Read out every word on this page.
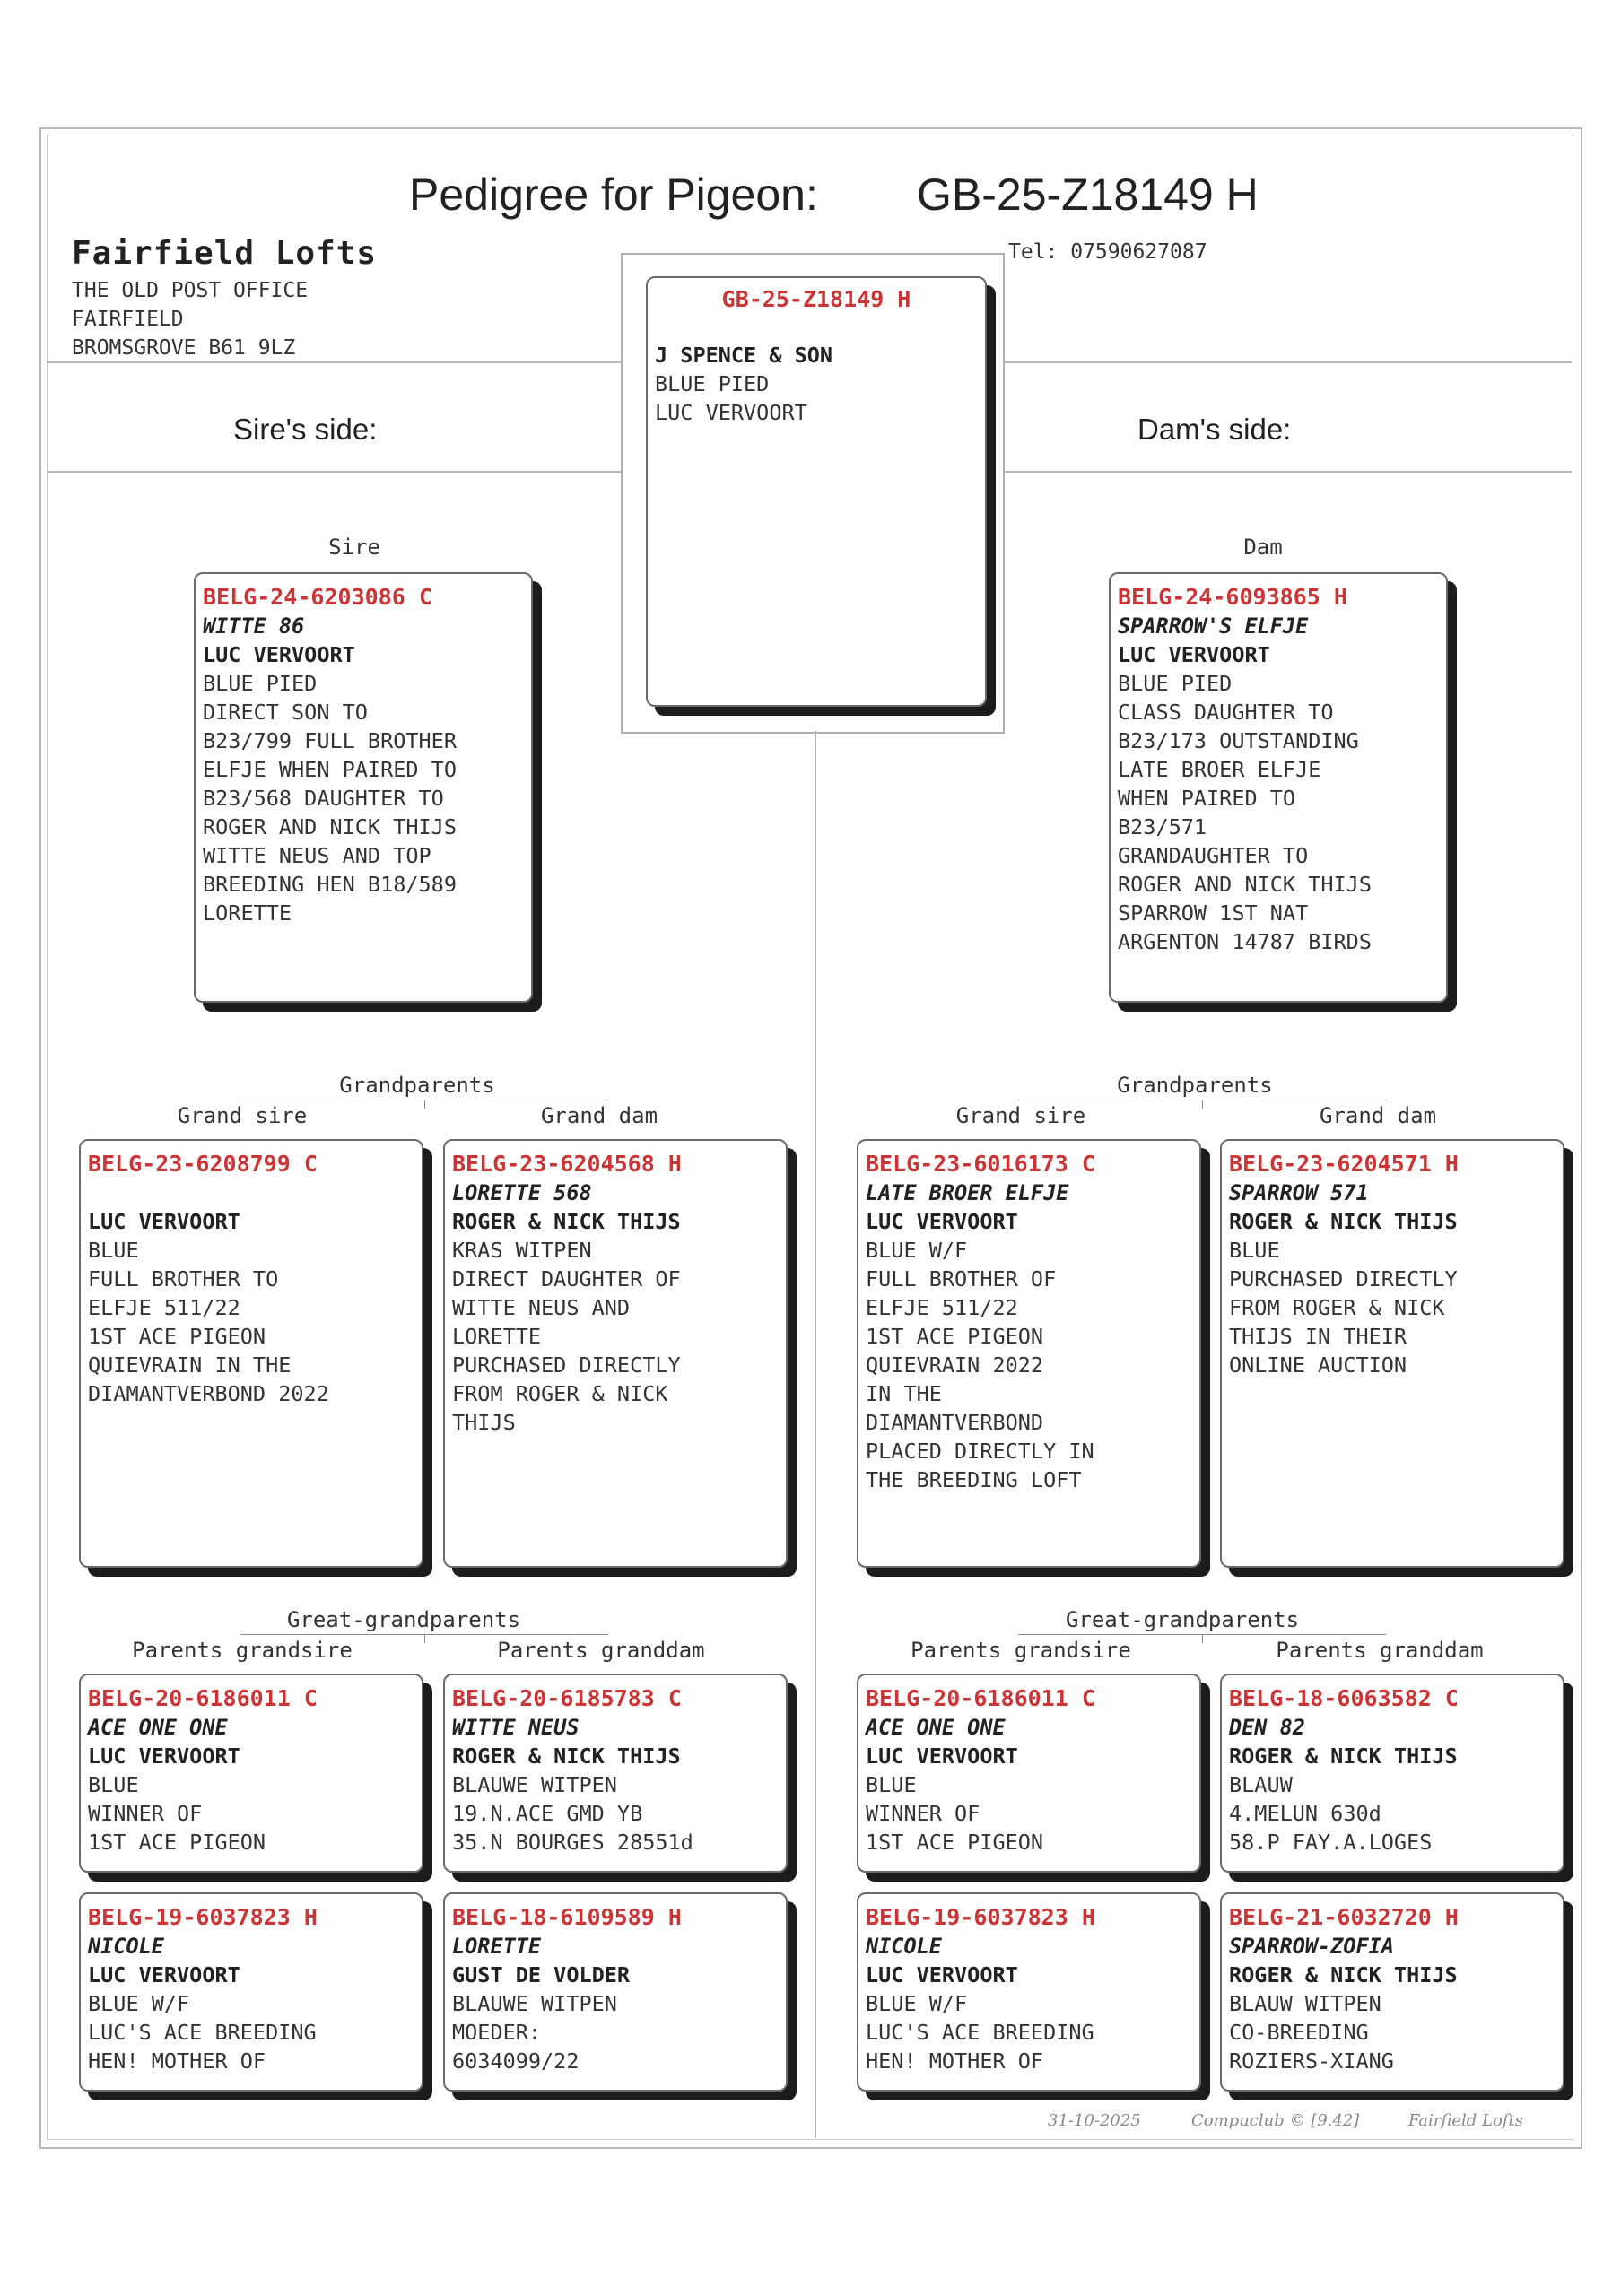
Pedigree for Pigeon: GB-25-Z18149 H
Fairfield Lofts
THE OLD POST OFFICE
FAIRFIELD
BROMSGROVE B61 9LZ
Tel: 07590627087
Sire's side:	Dam's side:
GB-25-Z18149 H
J SPENCE & SON
BLUE PIED
LUC VERVOORT
Sire
BELG-24-6203086 C
WITTE 86
LUC VERVOORT
BLUE PIED
DIRECT SON TO
B23/799 FULL BROTHER
ELFJE WHEN PAIRED TO
B23/568 DAUGHTER TO
ROGER AND NICK THIJS
WITTE NEUS AND TOP
BREEDING HEN B18/589
LORETTE
Dam
BELG-24-6093865 H
SPARROW'S ELFJE
LUC VERVOORT
BLUE PIED
CLASS DAUGHTER TO
B23/173 OUTSTANDING
LATE BROER ELFJE
WHEN PAIRED TO
B23/571
GRANDAUGHTER TO
ROGER AND NICK THIJS
SPARROW 1ST NAT
ARGENTON 14787 BIRDS
Grandparents
Grand sire	Grand dam
Grandparents
Grand sire	Grand dam
BELG-23-6208799 C
LUC VERVOORT
BLUE
FULL BROTHER TO
ELFJE 511/22
1ST ACE PIGEON
QUIEVRAIN IN THE
DIAMANTVERBOND 2022
BELG-23-6204568 H
LORETTE 568
ROGER & NICK THIJS
KRAS WITPEN
DIRECT DAUGHTER OF
WITTE NEUS AND
LORETTE
PURCHASED DIRECTLY
FROM ROGER & NICK
THIJS
BELG-23-6016173 C
LATE BROER ELFJE
LUC VERVOORT
BLUE W/F
FULL BROTHER OF
ELFJE 511/22
1ST ACE PIGEON
QUIEVRAIN 2022
IN THE
DIAMANTVERBOND
PLACED DIRECTLY IN
THE BREEDING LOFT
BELG-23-6204571 H
SPARROW 571
ROGER & NICK THIJS
BLUE
PURCHASED DIRECTLY
FROM ROGER & NICK
THIJS IN THEIR
ONLINE AUCTION
Great-grandparents
Parents grandsire	Parents granddam
Great-grandparents
Parents grandsire	Parents granddam
BELG-20-6186011 C
ACE ONE ONE
LUC VERVOORT
BLUE
WINNER OF
1ST ACE PIGEON
BELG-20-6185783 C
WITTE NEUS
ROGER & NICK THIJS
BLAUWE WITPEN
19.N.ACE GMD YB
35.N BOURGES 28551d
BELG-20-6186011 C
ACE ONE ONE
LUC VERVOORT
BLUE
WINNER OF
1ST ACE PIGEON
BELG-18-6063582 C
DEN 82
ROGER & NICK THIJS
BLAUW
4.MELUN 630d
58.P FAY.A.LOGES
BELG-19-6037823 H
NICOLE
LUC VERVOORT
BLUE W/F
LUC'S ACE BREEDING
HEN! MOTHER OF
BELG-18-6109589 H
LORETTE
GUST DE VOLDER
BLAUWE WITPEN
MOEDER:
6034099/22
BELG-19-6037823 H
NICOLE
LUC VERVOORT
BLUE W/F
LUC'S ACE BREEDING
HEN! MOTHER OF
BELG-21-6032720 H
SPARROW-ZOFIA
ROGER & NICK THIJS
BLAUW WITPEN
CO-BREEDING
ROZIERS-XIANG
31-10-2025	Compuclub © [9.42]	Fairfield Lofts
